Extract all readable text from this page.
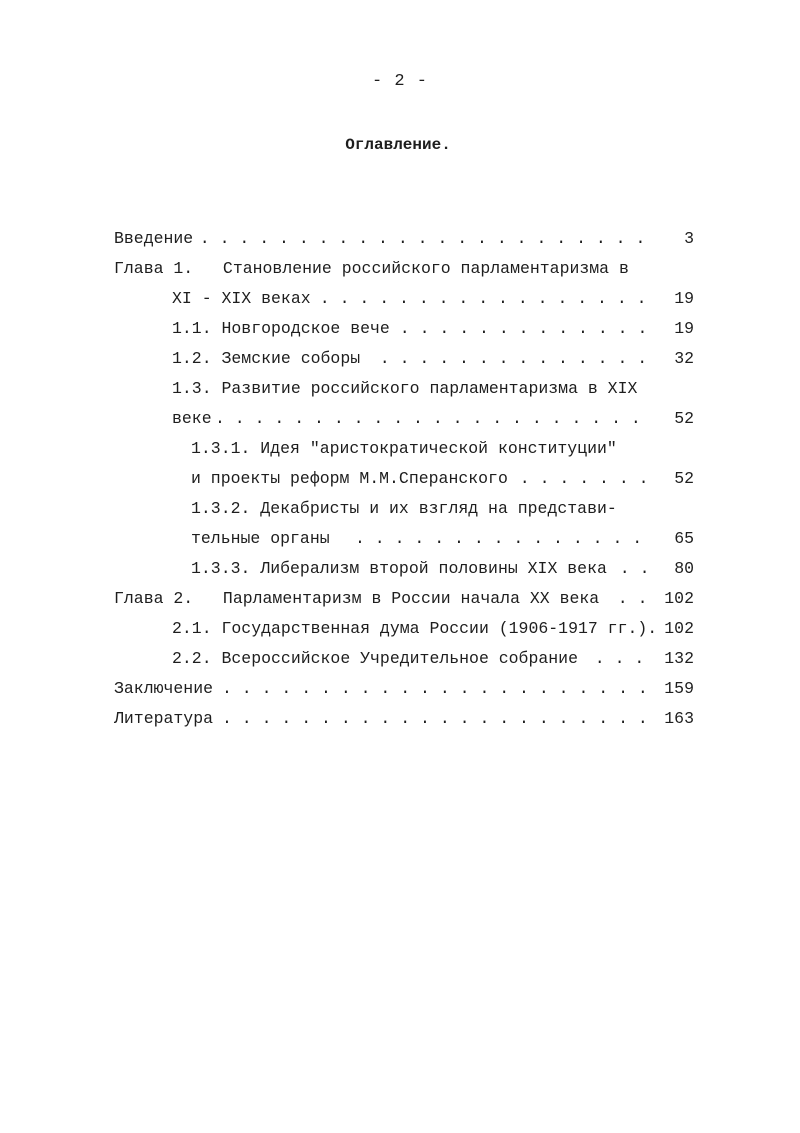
- 2 -
Оглавление.
. . .
Введение	3
Глава 1.   Становление российского парламентаризма в
. . .
XI - XIX веках	19
. . .
1.1. Новгородское вече	19
. . .
1.2. Земские соборы	32
1.3. Развитие российского парламентаризма в XIX
. . .
веке	52
1.3.1. Идея "аристократической конституции"
. . .
и проекты реформ М.М.Сперанского	52
1.3.2. Декабристы и их взгляд на представи-
. . .
тельные органы	65
. . .
1.3.3. Либерализм второй половины XIX века	80
. . .
Глава 2.   Парламентаризм в России начала XX века	102
2.1. Государственная дума России (1906-1917 гг.). 102
. . .
2.2. Всероссийское Учредительное собрание	132
. . .
Заключение	159
. . .
Литература	163
